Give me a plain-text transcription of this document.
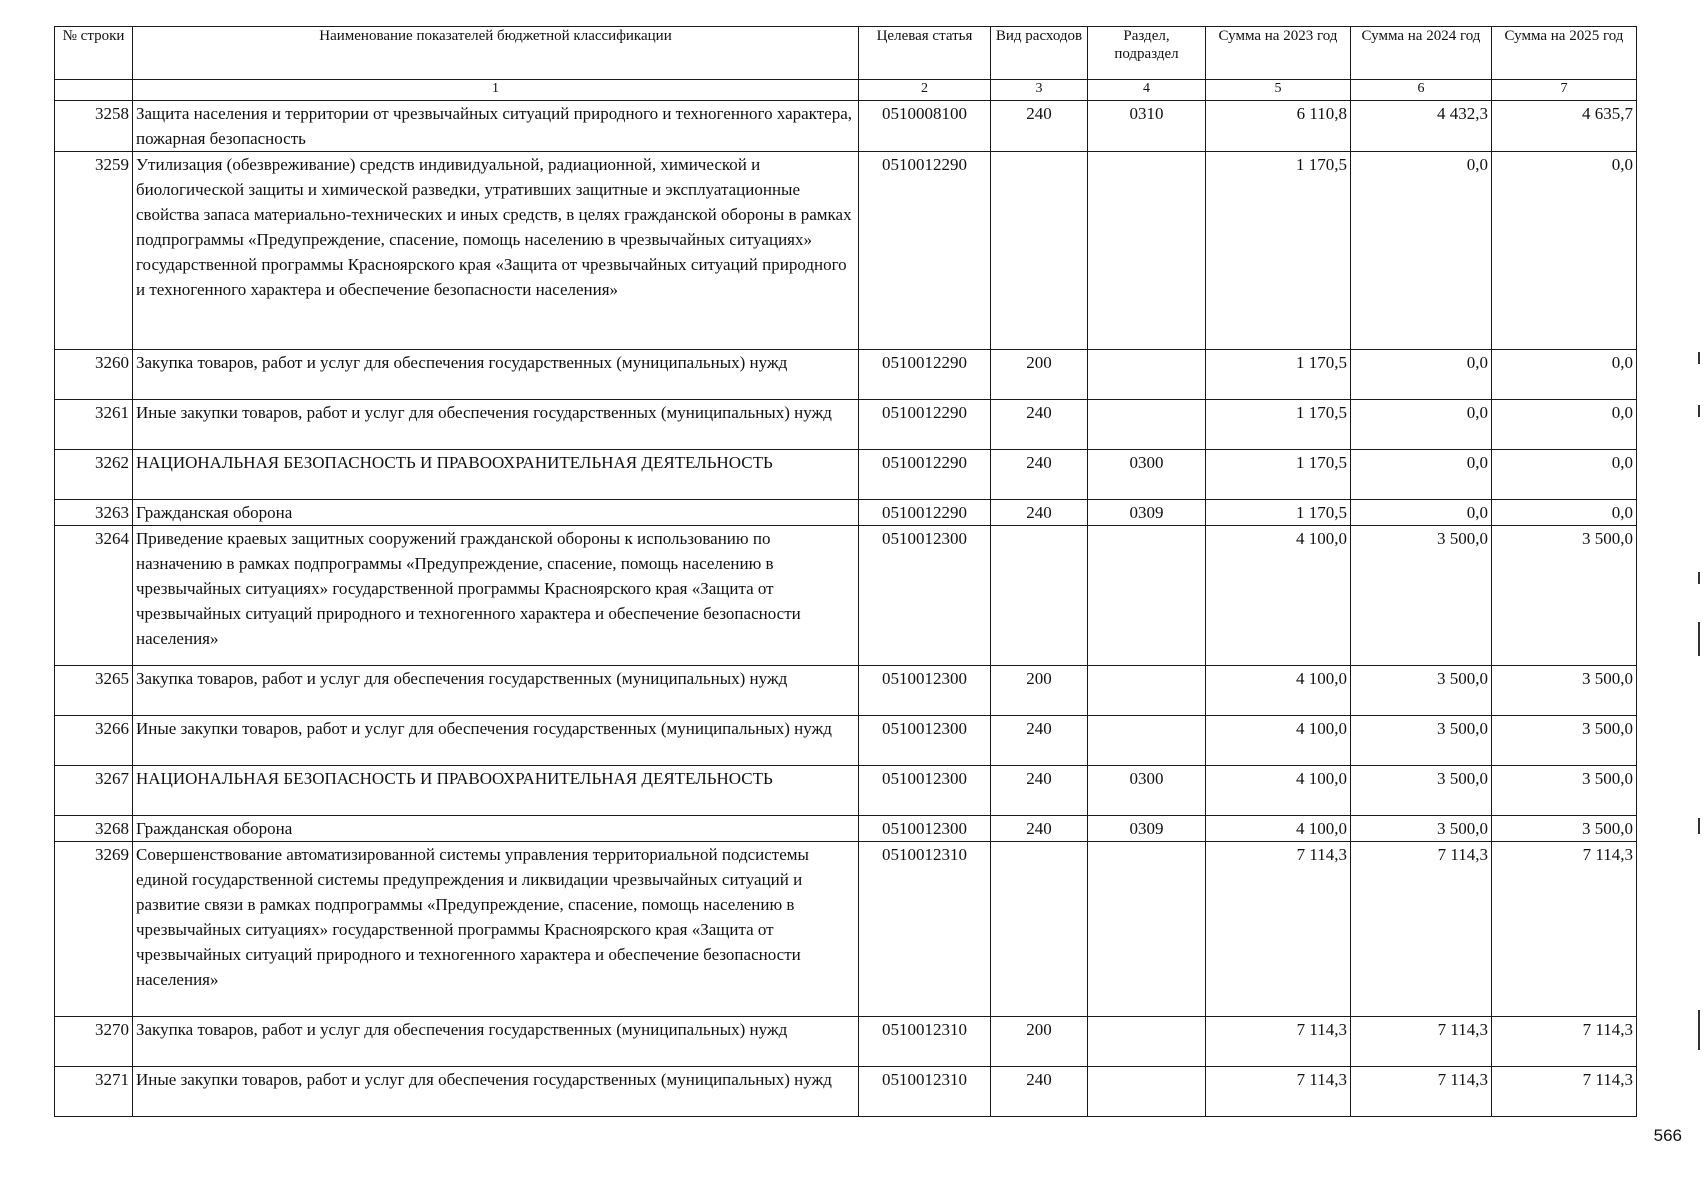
№ строки	Наименование показателей бюджетной классификации	Целевая статья	Вид расходов	Раздел, подраздел	Сумма на 2023 год	Сумма на 2024 год	Сумма на 2025 год
	1	2	3	4	5	6	7
3258	Защита населения и территории от чрезвычайных ситуаций природного и техногенного характера, пожарная безопасность	0510008100	240	0310	6 110,8	4 432,3	4 635,7
3259	Утилизация (обезвреживание) средств индивидуальной, радиационной, химической и биологической защиты и химической разведки, утративших защитные и эксплуатационные свойства запаса материально-технических и иных средств, в целях гражданской обороны в рамках подпрограммы «Предупреждение, спасение, помощь населению в чрезвычайных ситуациях» государственной программы Красноярского края «Защита от чрезвычайных ситуаций природного и техногенного характера и обеспечение безопасности населения»	0510012290			1 170,5	0,0	0,0
3260	Закупка товаров, работ и услуг для обеспечения государственных (муниципальных) нужд	0510012290	200		1 170,5	0,0	0,0
3261	Иные закупки товаров, работ и услуг для обеспечения государственных (муниципальных) нужд	0510012290	240		1 170,5	0,0	0,0
3262	НАЦИОНАЛЬНАЯ БЕЗОПАСНОСТЬ И ПРАВООХРАНИТЕЛЬНАЯ ДЕЯТЕЛЬНОСТЬ	0510012290	240	0300	1 170,5	0,0	0,0
3263	Гражданская оборона	0510012290	240	0309	1 170,5	0,0	0,0
3264	Приведение краевых защитных сооружений гражданской обороны к использованию по назначению в рамках подпрограммы «Предупреждение, спасение, помощь населению в чрезвычайных ситуациях» государственной программы Красноярского края «Защита от чрезвычайных ситуаций природного и техногенного характера и обеспечение безопасности населения»	0510012300			4 100,0	3 500,0	3 500,0
3265	Закупка товаров, работ и услуг для обеспечения государственных (муниципальных) нужд	0510012300	200		4 100,0	3 500,0	3 500,0
3266	Иные закупки товаров, работ и услуг для обеспечения государственных (муниципальных) нужд	0510012300	240		4 100,0	3 500,0	3 500,0
3267	НАЦИОНАЛЬНАЯ БЕЗОПАСНОСТЬ И ПРАВООХРАНИТЕЛЬНАЯ ДЕЯТЕЛЬНОСТЬ	0510012300	240	0300	4 100,0	3 500,0	3 500,0
3268	Гражданская оборона	0510012300	240	0309	4 100,0	3 500,0	3 500,0
3269	Совершенствование автоматизированной системы управления территориальной подсистемы единой государственной системы предупреждения и ликвидации чрезвычайных ситуаций и развитие связи в рамках подпрограммы «Предупреждение, спасение, помощь населению в чрезвычайных ситуациях» государственной программы Красноярского края «Защита от чрезвычайных ситуаций природного и техногенного характера и обеспечение безопасности населения»	0510012310			7 114,3	7 114,3	7 114,3
3270	Закупка товаров, работ и услуг для обеспечения государственных (муниципальных) нужд	0510012310	200		7 114,3	7 114,3	7 114,3
3271	Иные закупки товаров, работ и услуг для обеспечения государственных (муниципальных) нужд	0510012310	240		7 114,3	7 114,3	7 114,3
566
